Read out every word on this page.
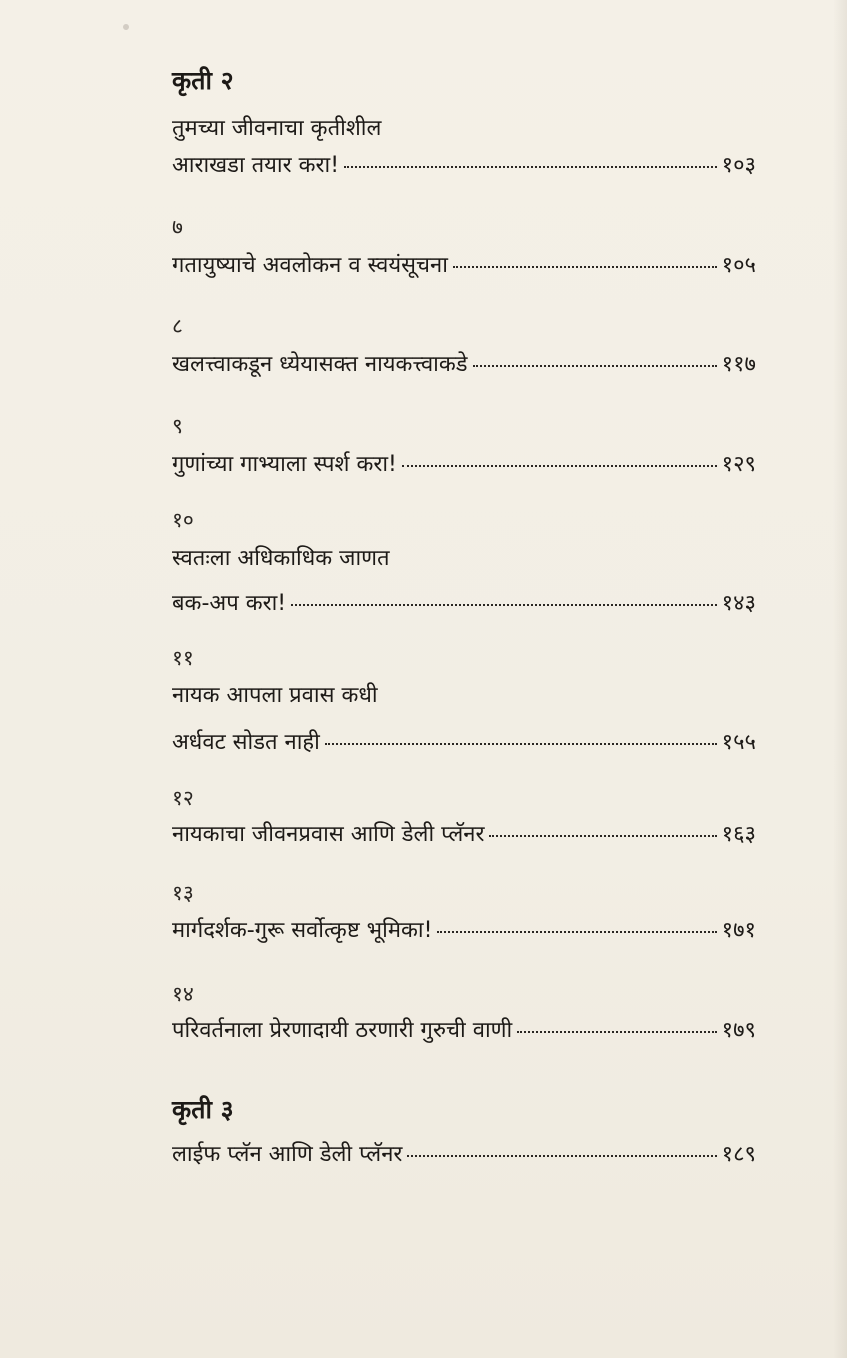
कृती २
तुमच्या जीवनाचा कृतीशील
आराखडा तयार करा!	१०३
७
गतायुष्याचे अवलोकन व स्वयंसूचना	१०५
८
खलत्त्वाकडून ध्येयासक्त नायकत्त्वाकडे	११७
९
गुणांच्या गाभ्याला स्पर्श करा!	१२९
१०
स्वतःला अधिकाधिक जाणत
बक-अप करा!	१४३
११
नायक आपला प्रवास कधी
अर्धवट सोडत नाही	१५५
१२
नायकाचा जीवनप्रवास आणि डेली प्लॅनर	१६३
१३
मार्गदर्शक-गुरू सर्वोत्कृष्ट भूमिका!	१७१
१४
परिवर्तनाला प्रेरणादायी ठरणारी गुरुची वाणी	१७९
कृती ३
लाईफ प्लॅन आणि डेली प्लॅनर	१८९
